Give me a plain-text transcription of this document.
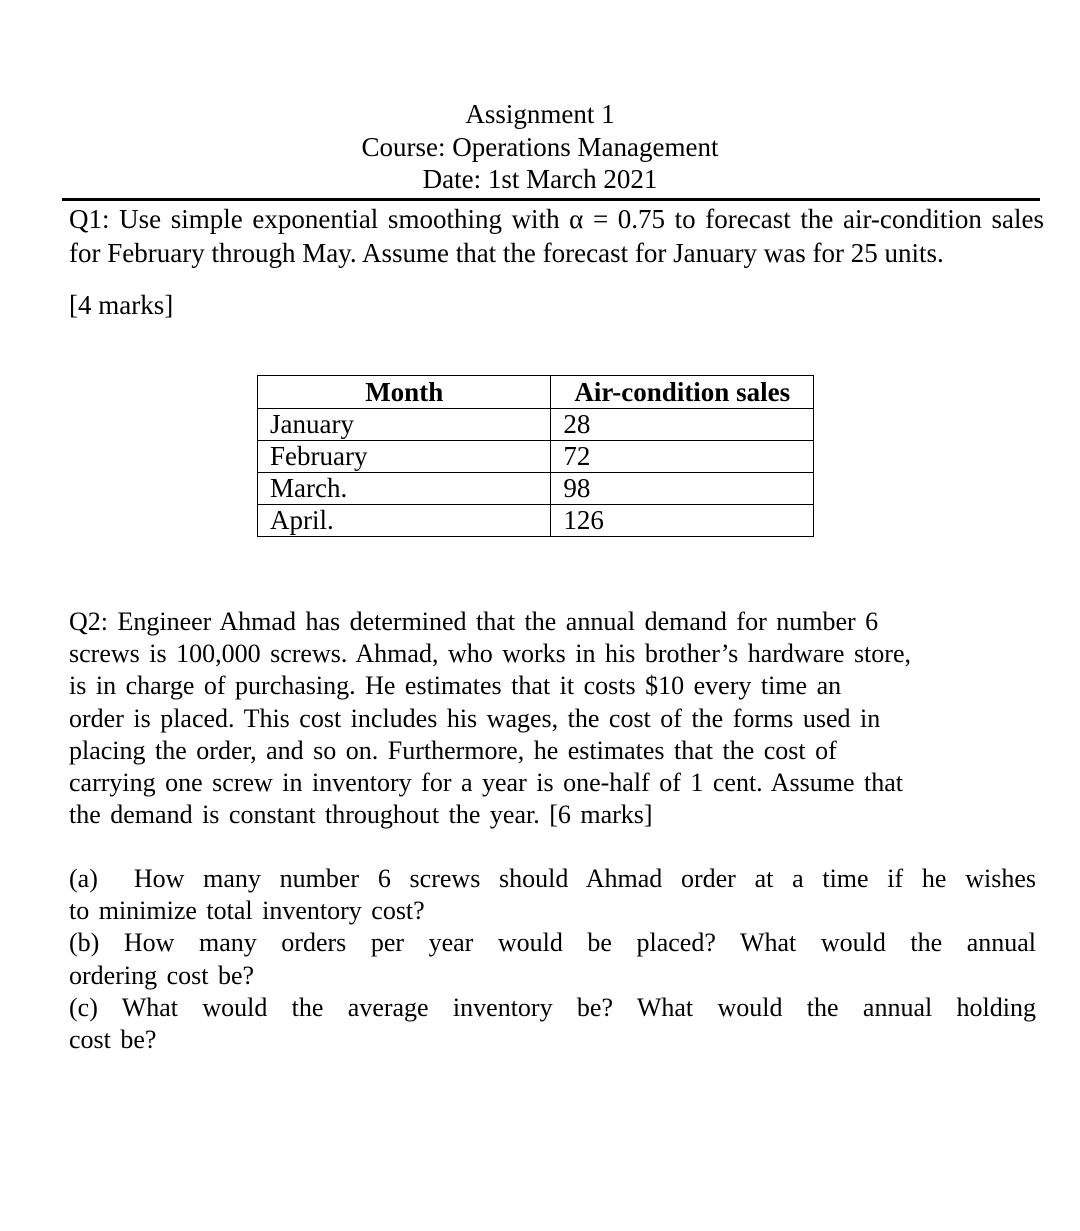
Assignment 1
Course: Operations Management
Date: 1st March 2021
Q1: Use simple exponential smoothing with α = 0.75 to forecast the air-condition sales for February through May. Assume that the forecast for January was for 25 units.
[4 marks]
Month	Air-condition sales
January	28
February	72
March.	98
April.	126
Q2: Engineer Ahmad has determined that the annual demand for number 6
screws is 100,000 screws. Ahmad, who works in his brother’s hardware store,
is in charge of purchasing. He estimates that it costs $10 every time an
order is placed. This cost includes his wages, the cost of the forms used in
placing the order, and so on. Furthermore, he estimates that the cost of
carrying one screw in inventory for a year is one-half of 1 cent. Assume that
the demand is constant throughout the year. [6 marks]
(a) How many number 6 screws should Ahmad order at a time if he wishes
to minimize total inventory cost?
(b) How many orders per year would be placed? What would the annual
ordering cost be?
(c) What would the average inventory be? What would the annual holding
cost be?
